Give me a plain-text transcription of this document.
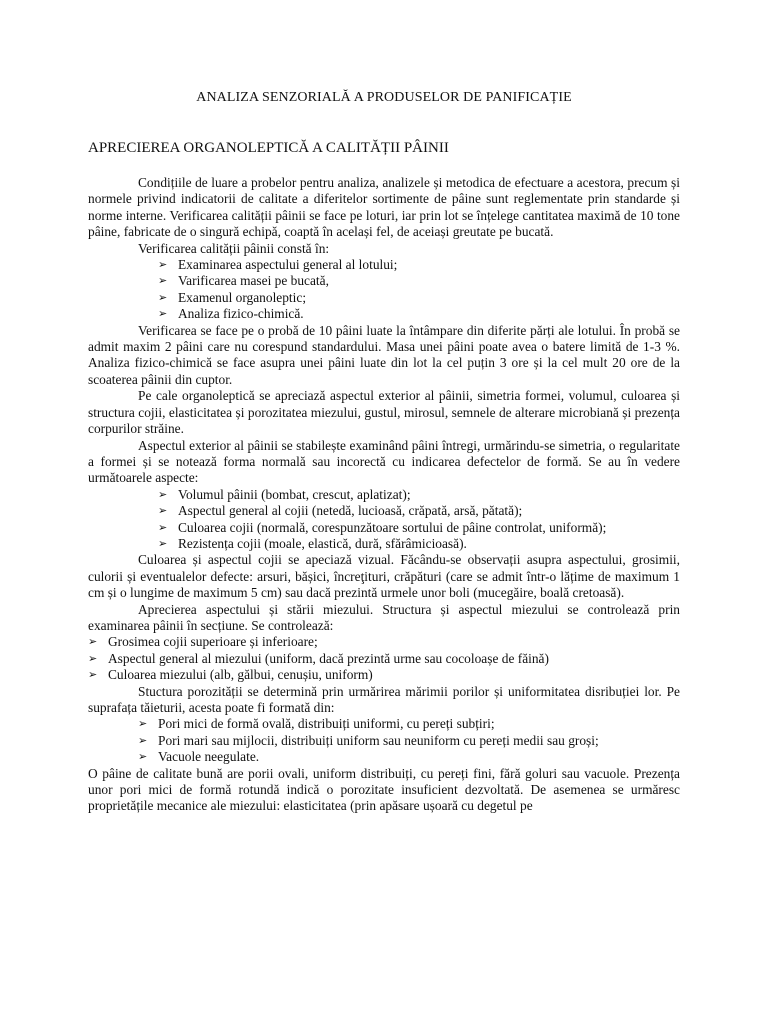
ANALIZA SENZORIALĂ A PRODUSELOR DE PANIFICAȚIE
APRECIEREA ORGANOLEPTICĂ A CALITĂȚII PÂINII

Condițiile de luare a probelor pentru analiza, analizele și metodica de efectuare a acestora, precum și normele privind indicatorii de calitate a diferitelor sortimente de pâine sunt reglementate prin standarde și norme interne. Verificarea calității pâinii se face pe loturi, iar prin lot se înțelege cantitatea maximă de 10 tone pâine, fabricate de o singură echipă, coaptă în același fel, de aceiași greutate pe bucată.

Verificarea calității pâinii constă în:

➢ Examinarea aspectului general al lotului;
➢ Varificarea masei pe bucată,
➢ Examenul organoleptic;
➢ Analiza fizico-chimică.

Verificarea se face pe o probă de 10 pâini luate la întâmpare din diferite părți ale lotului. În probă se admit maxim 2 pâini care nu corespund standardului. Masa unei pâini poate avea o batere limită de 1-3 %. Analiza fizico-chimică se face asupra unei pâini luate din lot la cel puțin 3 ore și la cel mult 20 ore de la scoaterea pâinii din cuptor.

Pe cale organoleptică se apreciază aspectul exterior al pâinii, simetria formei, volumul, culoarea și structura cojii, elasticitatea și porozitatea miezului, gustul, mirosul, semnele de alterare microbiană și prezența corpurilor străine.

Aspectul exterior al pâinii se stabilește examinând pâini întregi, urmărindu-se simetria, o regularitate a formei și se notează forma normală sau incorectă cu indicarea defectelor de formă. Se au în vedere următoarele aspecte:

➢ Volumul pâinii (bombat, crescut, aplatizat);
➢ Aspectul general al cojii (netedă, lucioasă, crăpată, arsă, pătată);
➢ Culoarea cojii (normală, corespunzătoare sortului de pâine controlat, uniformă);
➢ Rezistența cojii (moale, elastică, dură, sfărâmicioasă).

Culoarea și aspectul cojii se apeciază vizual. Făcându-se observații asupra aspectului, grosimii, culorii și eventualelor defecte: arsuri, bășici, încreţituri, crăpături (care se admit într-o lățime de maximum 1 cm și o lungime de maximum 5 cm) sau dacă prezintă urmele unor boli (mucegăire, boală cretoasă).

Aprecierea aspectului și stării miezului. Structura și aspectul miezului se controlează prin examinarea pâinii în secțiune. Se controlează:

➢ Grosimea cojii superioare și inferioare;
➢ Aspectul general al miezului (uniform, dacă prezintă urme sau cocoloașe de făină)
➢ Culoarea miezului (alb, gălbui, cenușiu, uniform)

Stuctura porozității se determină prin urmărirea mărimii porilor și uniformitatea disribuției lor. Pe suprafața tăieturii, acesta poate fi formată din:

➢ Pori mici de formă ovală, distribuiți uniformi, cu pereți subțiri;
➢ Pori mari sau mijlocii, distribuiți uniform sau neuniform cu pereți medii sau groși;
➢ Vacuole neegulate.

O pâine de calitate bună are porii ovali, uniform distribuiți, cu pereți fini, fără goluri sau vacuole. Prezența unor pori mici de formă rotundă indică o porozitate insuficient dezvoltată. De asemenea se urmăresc proprietățile mecanice ale miezului: elasticitatea (prin apăsare ușoară cu degetul pe
